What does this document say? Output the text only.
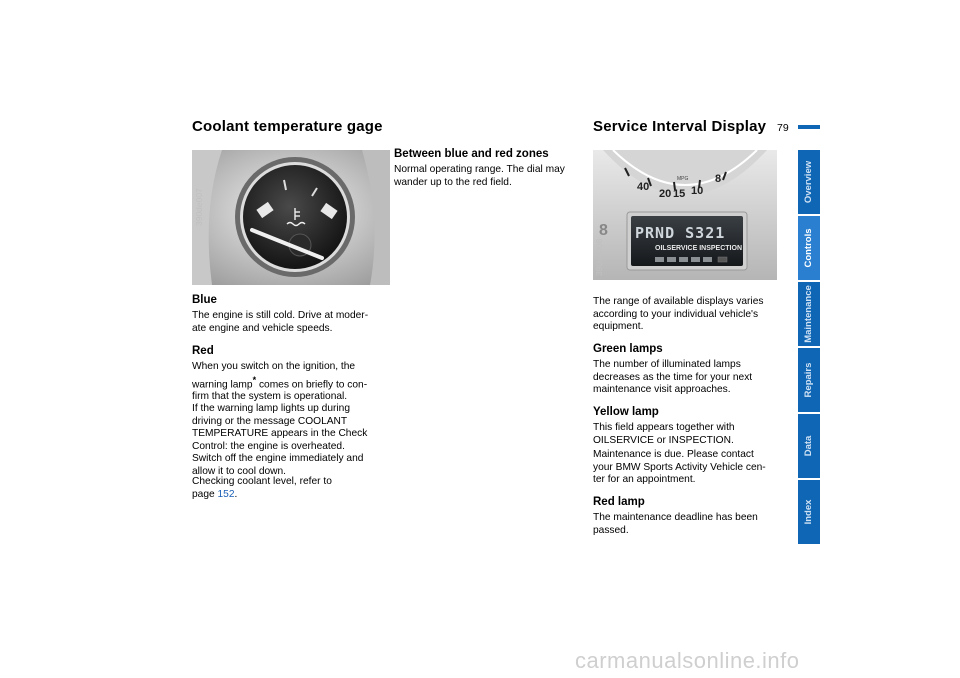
Coolant temperature gage
390de007
Blue

The engine is still cold. Drive at moder-

ate engine and vehicle speeds.

Red

When you switch on the ignition, the

warning lamp* comes on briefly to con-

firm that the system is operational.

If the warning lamp lights up during

driving or the message COOLANT

TEMPERATURE appears in the Check

Control: the engine is overheated.

Switch off the engine immediately and

allow it to cool down.

Checking coolant level, refer to

page 152.

Between blue and red zones

Normal operating range. The dial may

wander up to the red field.

Service Interval Display 79
40
20 15 10
8
MPG
8 PRND S321
OILSERVICE INSPECTION
390us008

The range of available displays varies

according to your individual vehicle's

equipment.

Green lamps

The number of illuminated lamps

decreases as the time for your next

maintenance visit approaches.

Yellow lamp

This field appears together with

OILSERVICE or INSPECTION.

Maintenance is due. Please contact

your BMW Sports Activity Vehicle cen-

ter for an appointment.

Red lamp

The maintenance deadline has been

passed.

Overview
Controls
Maintenance
Repairs
Data
Index
carmanualsonline.info
